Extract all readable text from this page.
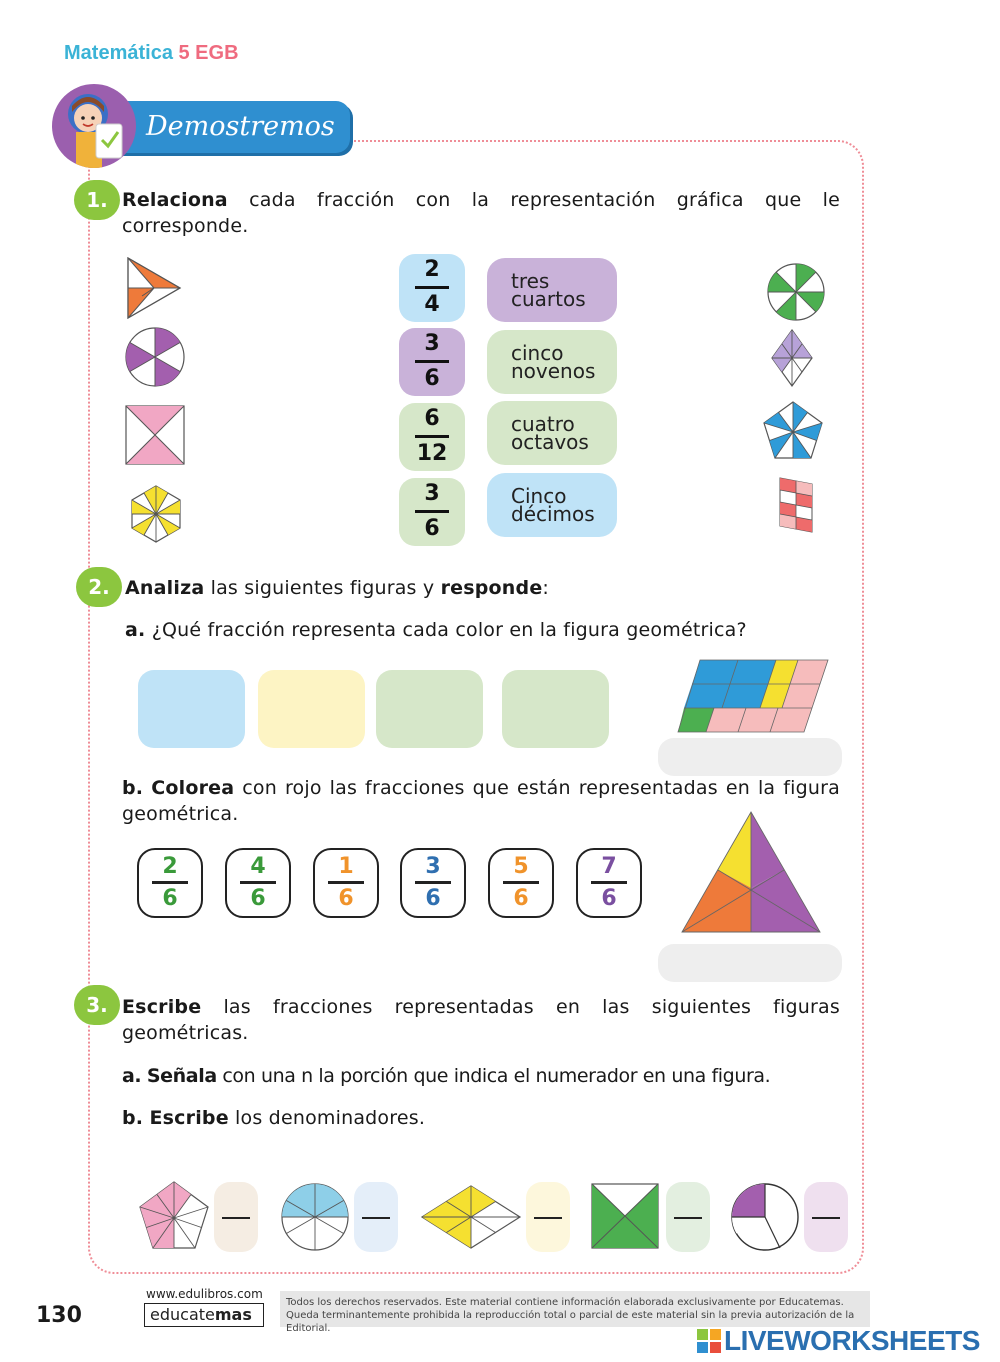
Matemática 5 EGB
Demostremos
1. Relaciona cada fracción con la representación gráfica que le corresponde.
2
4
3
6
6
12
3
6
tres
cuartos
cinco
novenos
cuatro
octavos
Cinco
décimos
2. Analiza las siguientes figuras y responde:
a. ¿Qué fracción representa cada color en la figura geométrica?
b. Colorea con rojo las fracciones que están representadas en la figura geométrica.
2
6
4
6
1
6
3
6
5
6
7
6
3. Escribe las fracciones representadas en las siguientes figuras geométricas.
a. Señala con una n la porción que indica el numerador en una figura.
b. Escribe los denominadores.
130
www.edulibros.com
educatemas
Todos los derechos reservados. Este material contiene información elaborada exclusivamente por Educatemas. Queda terminantemente prohibida la reproducción total o parcial de este material sin la previa autorización de la Editorial.	LIVEWORKSHEETS
